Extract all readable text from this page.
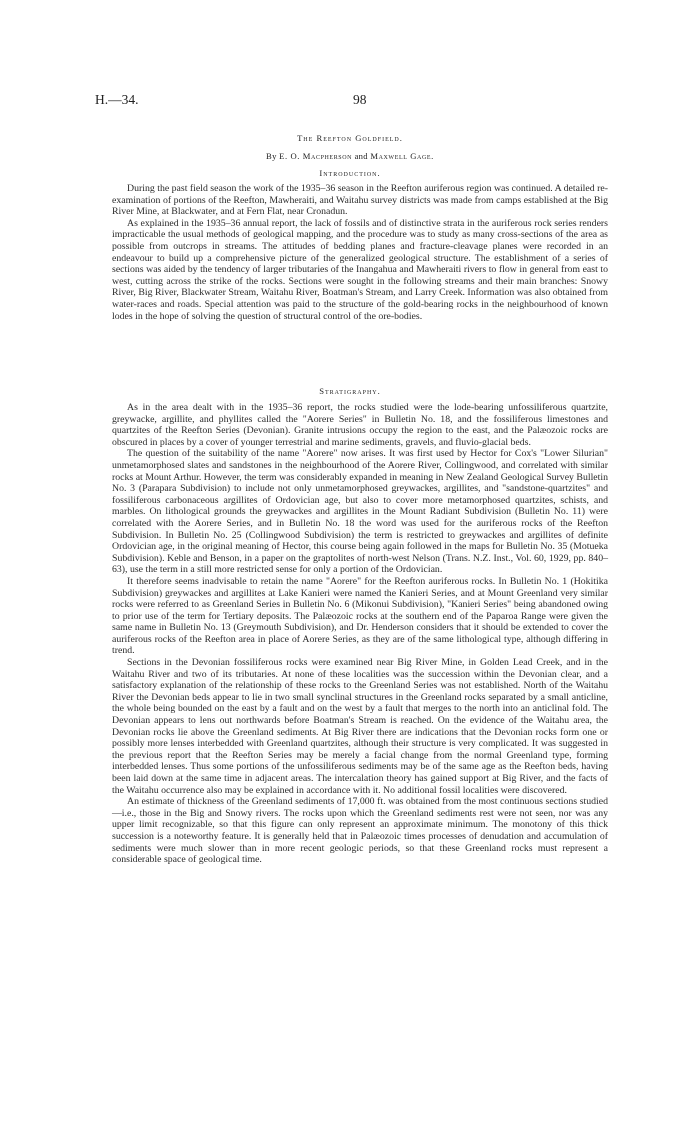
H.—34.	98
The Reefton Goldfield.
By E. O. Macpherson and Maxwell Gage.
Introduction.

During the past field season the work of the 1935–36 season in the Reefton auriferous region was continued. A detailed re-examination of portions of the Reefton, Mawheraiti, and Waitahu survey districts was made from camps established at the Big River Mine, at Blackwater, and at Fern Flat, near Cronadun.

As explained in the 1935–36 annual report, the lack of fossils and of distinctive strata in the auriferous rock series renders impracticable the usual methods of geological mapping, and the procedure was to study as many cross-sections of the area as possible from outcrops in streams. The attitudes of bedding planes and fracture-cleavage planes were recorded in an endeavour to build up a comprehensive picture of the generalized geological structure. The establishment of a series of sections was aided by the tendency of larger tributaries of the Inangahua and Mawheraiti rivers to flow in general from east to west, cutting across the strike of the rocks. Sections were sought in the following streams and their main branches: Snowy River, Big River, Blackwater Stream, Waitahu River, Boatman's Stream, and Larry Creek. Information was also obtained from water-races and roads. Special attention was paid to the structure of the gold-bearing rocks in the neighbourhood of known lodes in the hope of solving the question of structural control of the ore-bodies.

Stratigraphy.

As in the area dealt with in the 1935–36 report, the rocks studied were the lode-bearing unfossiliferous quartzite, greywacke, argillite, and phyllites called the "Aorere Series" in Bulletin No. 18, and the fossiliferous limestones and quartzites of the Reefton Series (Devonian). Granite intrusions occupy the region to the east, and the Palæozoic rocks are obscured in places by a cover of younger terrestrial and marine sediments, gravels, and fluvio-glacial beds.

The question of the suitability of the name "Aorere" now arises. It was first used by Hector for Cox's "Lower Silurian" unmetamorphosed slates and sandstones in the neighbourhood of the Aorere River, Collingwood, and correlated with similar rocks at Mount Arthur. However, the term was considerably expanded in meaning in New Zealand Geological Survey Bulletin No. 3 (Parapara Subdivision) to include not only unmetamorphosed greywackes, argillites, and "sandstone-quartzites" and fossiliferous carbonaceous argillites of Ordovician age, but also to cover more metamorphosed quartzites, schists, and marbles. On lithological grounds the greywackes and argillites in the Mount Radiant Subdivision (Bulletin No. 11) were correlated with the Aorere Series, and in Bulletin No. 18 the word was used for the auriferous rocks of the Reefton Subdivision. In Bulletin No. 25 (Collingwood Subdivision) the term is restricted to greywackes and argillites of definite Ordovician age, in the original meaning of Hector, this course being again followed in the maps for Bulletin No. 35 (Motueka Subdivision). Keble and Benson, in a paper on the graptolites of north-west Nelson (Trans. N.Z. Inst., Vol. 60, 1929, pp. 840–63), use the term in a still more restricted sense for only a portion of the Ordovician.

It therefore seems inadvisable to retain the name "Aorere" for the Reefton auriferous rocks. In Bulletin No. 1 (Hokitika Subdivision) greywackes and argillites at Lake Kanieri were named the Kanieri Series, and at Mount Greenland very similar rocks were referred to as Greenland Series in Bulletin No. 6 (Mikonui Subdivision), "Kanieri Series" being abandoned owing to prior use of the term for Tertiary deposits. The Palæozoic rocks at the southern end of the Paparoa Range were given the same name in Bulletin No. 13 (Greymouth Subdivision), and Dr. Henderson considers that it should be extended to cover the auriferous rocks of the Reefton area in place of Aorere Series, as they are of the same lithological type, although differing in trend.

Sections in the Devonian fossiliferous rocks were examined near Big River Mine, in Golden Lead Creek, and in the Waitahu River and two of its tributaries. At none of these localities was the succession within the Devonian clear, and a satisfactory explanation of the relationship of these rocks to the Greenland Series was not established. North of the Waitahu River the Devonian beds appear to lie in two small synclinal structures in the Greenland rocks separated by a small anticline, the whole being bounded on the east by a fault and on the west by a fault that merges to the north into an anticlinal fold. The Devonian appears to lens out northwards before Boatman's Stream is reached. On the evidence of the Waitahu area, the Devonian rocks lie above the Greenland sediments. At Big River there are indications that the Devonian rocks form one or possibly more lenses interbedded with Greenland quartzites, although their structure is very complicated. It was suggested in the previous report that the Reefton Series may be merely a facial change from the normal Greenland type, forming interbedded lenses. Thus some portions of the unfossiliferous sediments may be of the same age as the Reefton beds, having been laid down at the same time in adjacent areas. The intercalation theory has gained support at Big River, and the facts of the Waitahu occurrence also may be explained in accordance with it. No additional fossil localities were discovered.

An estimate of thickness of the Greenland sediments of 17,000 ft. was obtained from the most continuous sections studied—i.e., those in the Big and Snowy rivers. The rocks upon which the Greenland sediments rest were not seen, nor was any upper limit recognizable, so that this figure can only represent an approximate minimum. The monotony of this thick succession is a noteworthy feature. It is generally held that in Palæozoic times processes of denudation and accumulation of sediments were much slower than in more recent geologic periods, so that these Greenland rocks must represent a considerable space of geological time.
